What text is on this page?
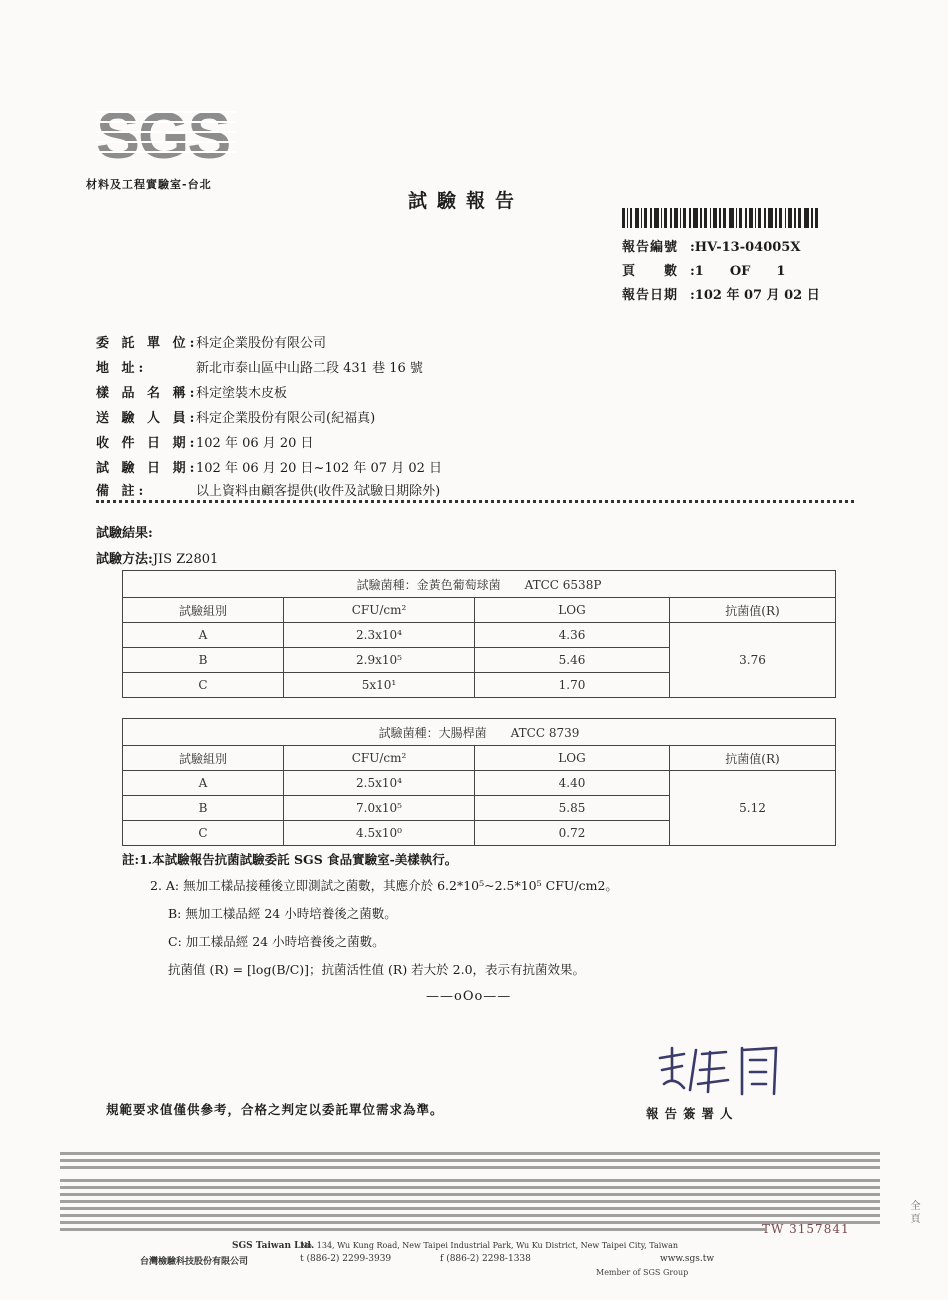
SGS
材料及工程實驗室-台北
試驗報告
報告編號 :HV-13-04005X
頁　　數 :1　　OF　　1
報告日期 :102 年 07 月 02 日
委 託 單 位:科定企業股份有限公司
地 址:	新北市泰山區中山路二段 431 巷 16 號
樣 品 名 稱:科定塗裝木皮板
送 驗 人 員:科定企業股份有限公司(紀福真)
收 件 日 期:102 年 06 月 20 日
試 驗 日 期:102 年 06 月 20 日~102 年 07 月 02 日
備 註:	以上資料由顧客提供(收件及試驗日期除外)
試驗結果:
試驗方法:JIS Z2801
試驗菌種：金黃色葡萄球菌　　ATCC 6538P			
試驗組別	CFU/cm²	LOG	抗菌值(R)
A	2.3x10⁴	4.36	3.76
B	2.9x10⁵	5.46	
C	5x10¹	1.70	
試驗菌種：大腸桿菌　　ATCC 8739			
試驗組別	CFU/cm²	LOG	抗菌值(R)
A	2.5x10⁴	4.40	5.12
B	7.0x10⁵	5.85	
C	4.5x10⁰	0.72	
註:1.本試驗報告抗菌試驗委託 SGS 食品實驗室-美樣執行。
2. A: 無加工樣品接種後立即測試之菌數，其應介於 6.2*10⁵~2.5*10⁵ CFU/cm2。
B: 無加工樣品經 24 小時培養後之菌數。
C: 加工樣品經 24 小時培養後之菌數。
抗菌值 (R) = [log(B/C)]；抗菌活性值 (R) 若大於 2.0，表示有抗菌效果。
——oOo——
規範要求值僅供參考，合格之判定以委託單位需求為準。	報告簽署人
TW 3157841
全 頁
SGS Taiwan Ltd.
台灣檢驗科技股份有限公司
No. 134, Wu Kung Road, New Taipei Industrial Park, Wu Ku District, New Taipei City, Taiwan
t (886-2) 2299-3939	f (886-2) 2298-1338	www.sgs.tw
Member of SGS Group
